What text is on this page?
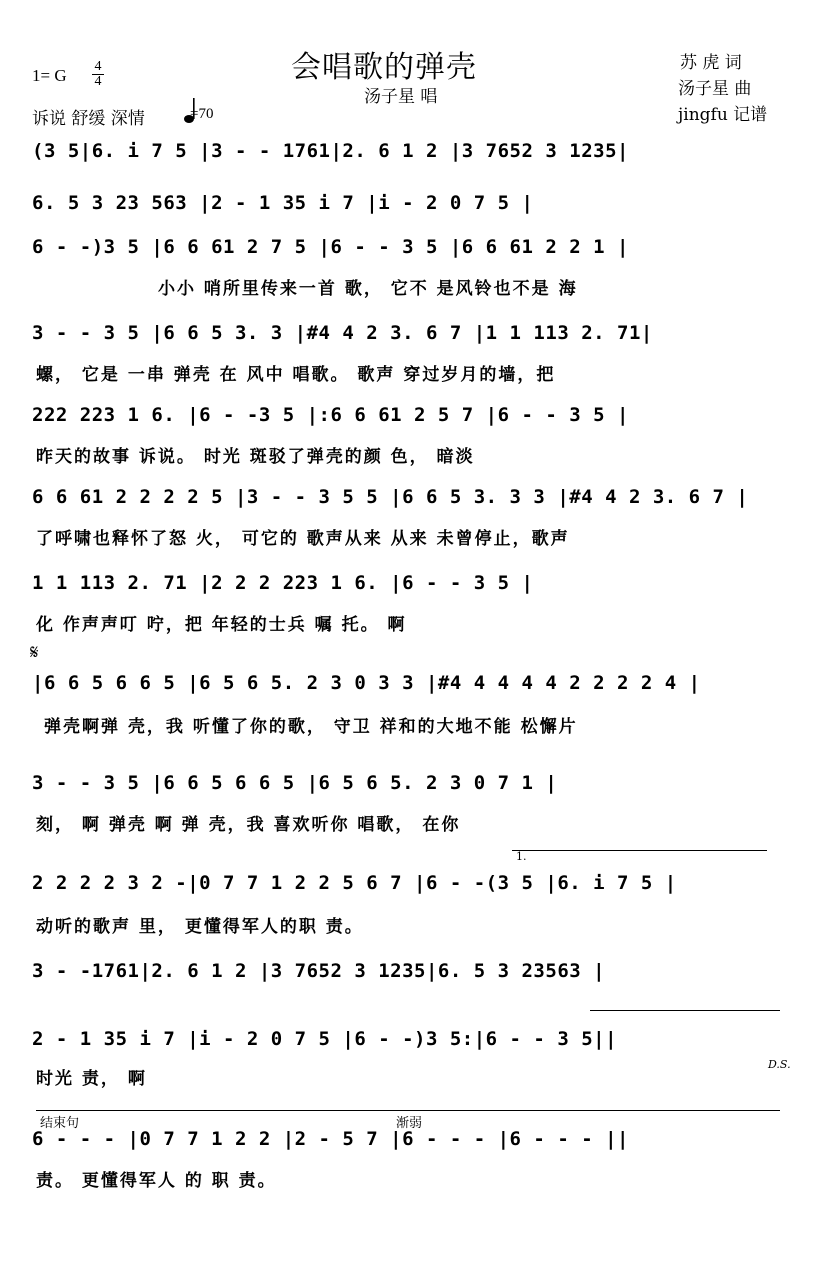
会唱歌的弹壳
汤子星 唱
苏 虎 词
汤子星 曲
jingfu 记谱
1= G 4
4
诉说 舒缓 深情	=70
(3 5|6. i 7 5 |3 - - 1761|2. 6 1 2 |3 7652 3 1235|
6. 5 3 23 563 |2 - 1 35 i 7 |i - 2 0 7 5 |
6 - -)3 5 |6 6 61 2 7 5 |6 - - 3 5 |6 6 61 2 2 1 |
小小 哨所里传来一首 歌， 它不 是风铃也不是 海
3 - - 3 5 |6 6 5 3. 3 |#4 4 2 3. 6 7 |1 1 113 2. 71|
螺， 它是 一串 弹壳 在 风中 唱歌。 歌声 穿过岁月的墙，把
222 223 1 6. |6 - -3 5 |:6 6 61 2 5 7 |6 - - 3 5 |
昨天的故事 诉说。 时光 斑驳了弹壳的颜 色， 暗淡
6 6 61 2 2 2 2 5 |3 - - 3 5 5 |6 6 5 3. 3 3 |#4 4 2 3. 6 7 |
了呼啸也释怀了怒 火， 可它的 歌声从来 从来 未曾停止，歌声
1 1 113 2. 71 |2 2 2 223 1 6. |6 - - 3 5 |
化 作声声叮 咛，把 年轻的士兵 嘱 托。 啊
𝄋
|6 6 5 6 6 5 |6 5 6 5. 2 3 0 3 3 |#4 4 4 4 4 2 2 2 2 4 |
弹壳啊弹 壳，我 听懂了你的歌， 守卫 祥和的大地不能 松懈片
3 - - 3 5 |6 6 5 6 6 5 |6 5 6 5. 2 3 0 7 1 |
刻， 啊 弹壳 啊 弹 壳，我 喜欢听你 唱歌， 在你
1.
2 2 2 2 3 2 -|0 7 7 1 2 2 5 6 7 |6 - -(3 5 |6. i 7 5 |
动听的歌声 里， 更懂得军人的职 责。
3 - -1761|2. 6 1 2 |3 7652 3 1235|6. 5 3 23563 |
2 - 1 35 i 7 |i - 2 0 7 5 |6 - -)3 5:|6 - - 3 5||
时光 责， 啊
D.S.
结束句	渐弱
6 - - - |0 7 7 1 2 2 |2 - 5 7 |6 - - - |6 - - - ||
责。 更懂得军人 的 职 责。
